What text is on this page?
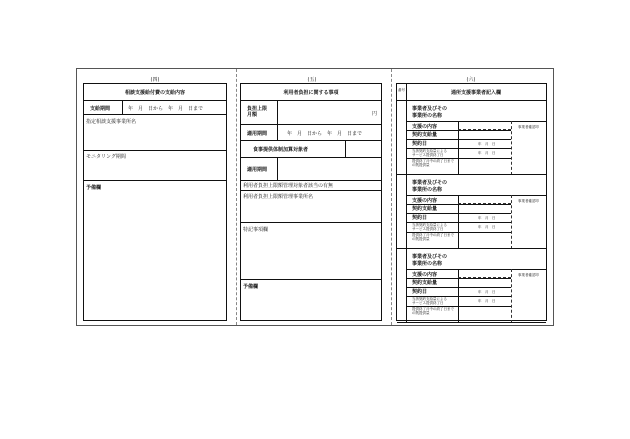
(四)	(五)	(六)
相談支援給付費の支給内容
支給期間	年　月　日から　年　月　日まで
指定相談支援事業所名
モニタリング期間
予備欄
利用者負担に関する事項
負担上限月額	円
適用期間	年　月　日から　年　月　日まで
食事提供体制加算対象者
適用期間
利用者負担上限額管理対象者該当の有無
利用者負担上限額管理事業所名
特記事項欄
予備欄
番号	通所支援事業者記入欄
事業者及びその
事業所の名称
支援の内容	事業者確認印
契約支給量
契約日	年　月　日
当該契約支給量による
サービス提供終了日	年　月　日
提供終了月中の終了日まで
の既提供量
事業者及びその
事業所の名称
支援の内容	事業者確認印
契約支給量
契約日	年　月　日
当該契約支給量による
サービス提供終了日	年　月　日
提供終了月中の終了日まで
の既提供量
事業者及びその
事業所の名称
支援の内容	事業者確認印
契約支給量
契約日	年　月　日
当該契約支給量による
サービス提供終了日	年　月　日
提供終了月中の終了日まで
の既提供量
